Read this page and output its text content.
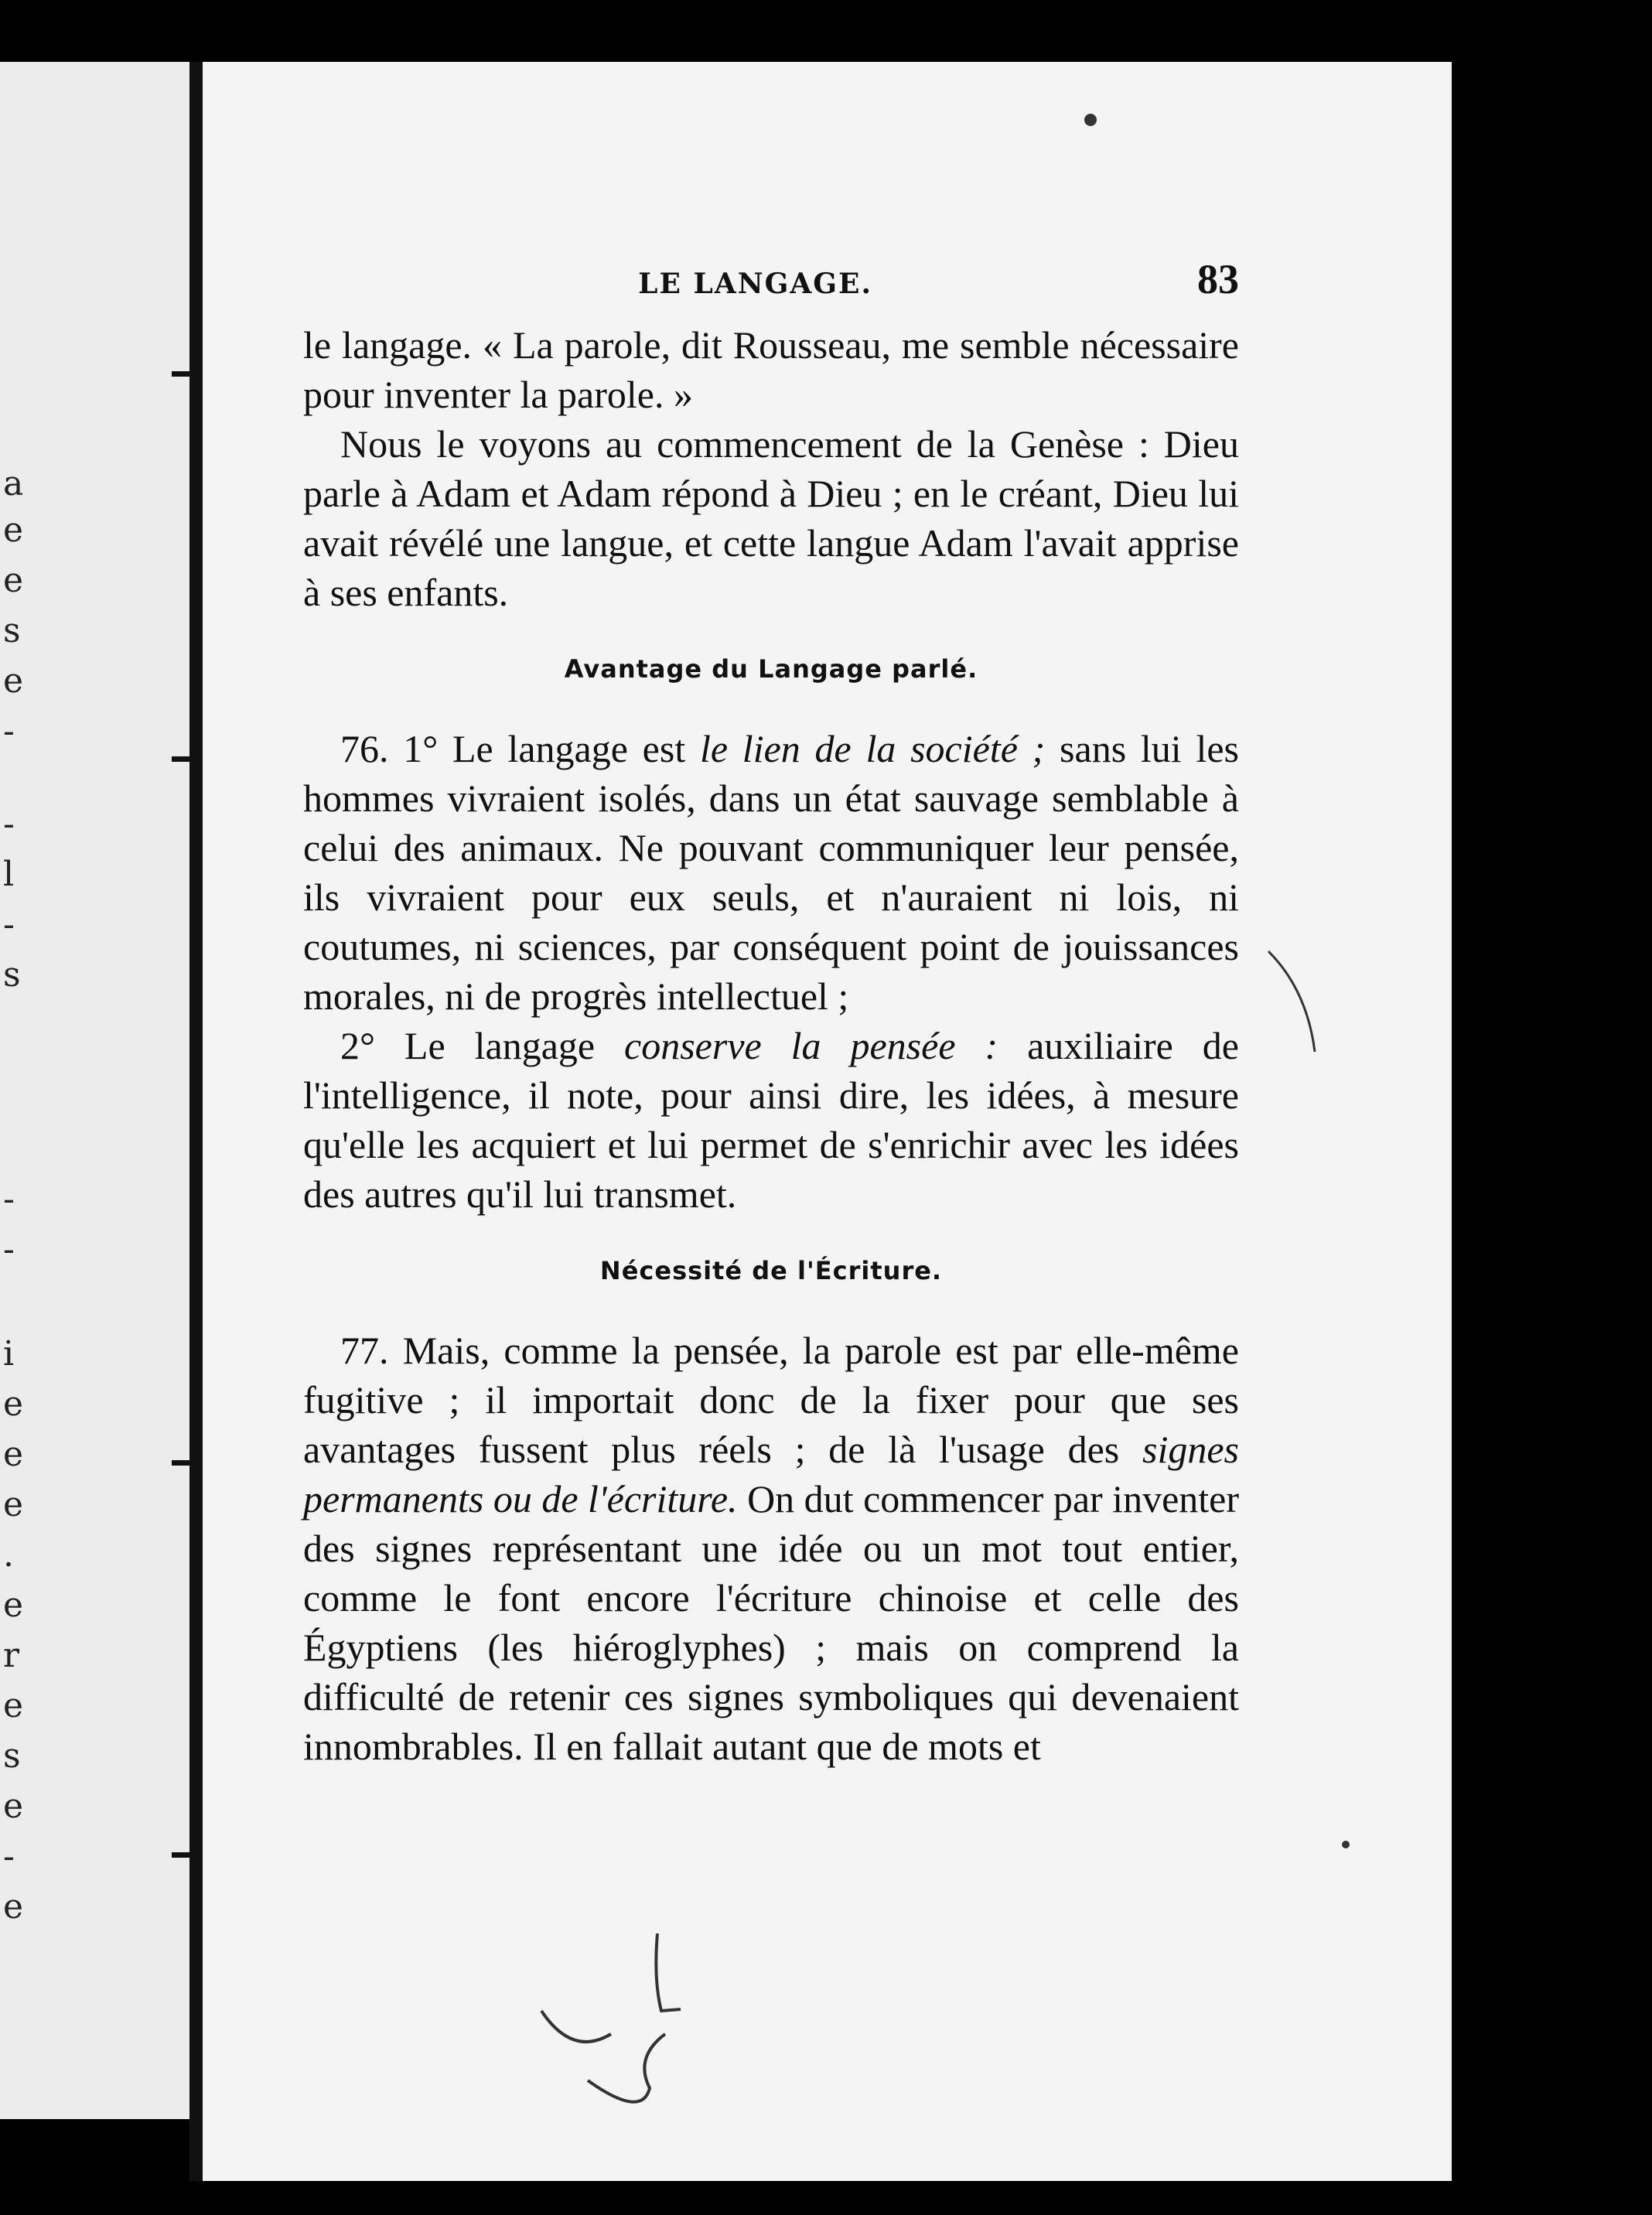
a
e
e
s
e
-
-
l
-
s
-
-
i
e
e
e
.
e
r
e
s
e
-
e
LE LANGAGE.	83

le langage. « La parole, dit Rousseau, me semble nécessaire pour inventer la parole. »

Nous le voyons au commencement de la Genèse : Dieu parle à Adam et Adam répond à Dieu ; en le créant, Dieu lui avait révélé une langue, et cette langue Adam l'avait apprise à ses enfants.

Avantage du Langage parlé.

76. 1° Le langage est le lien de la société ; sans lui les hommes vivraient isolés, dans un état sauvage semblable à celui des animaux. Ne pouvant communiquer leur pensée, ils vivraient pour eux seuls, et n'auraient ni lois, ni coutumes, ni sciences, par conséquent point de jouissances morales, ni de progrès intellectuel ;

2° Le langage conserve la pensée : auxiliaire de l'intelligence, il note, pour ainsi dire, les idées, à mesure qu'elle les acquiert et lui permet de s'enrichir avec les idées des autres qu'il lui transmet.

Nécessité de l'Écriture.

77. Mais, comme la pensée, la parole est par elle-même fugitive ; il importait donc de la fixer pour que ses avantages fussent plus réels ; de là l'usage des signes permanents ou de l'écriture. On dut commencer par inventer des signes représentant une idée ou un mot tout entier, comme le font encore l'écriture chinoise et celle des Égyptiens (les hiéroglyphes) ; mais on comprend la difficulté de retenir ces signes symboliques qui devenaient innombrables. Il en fallait autant que de mots et
